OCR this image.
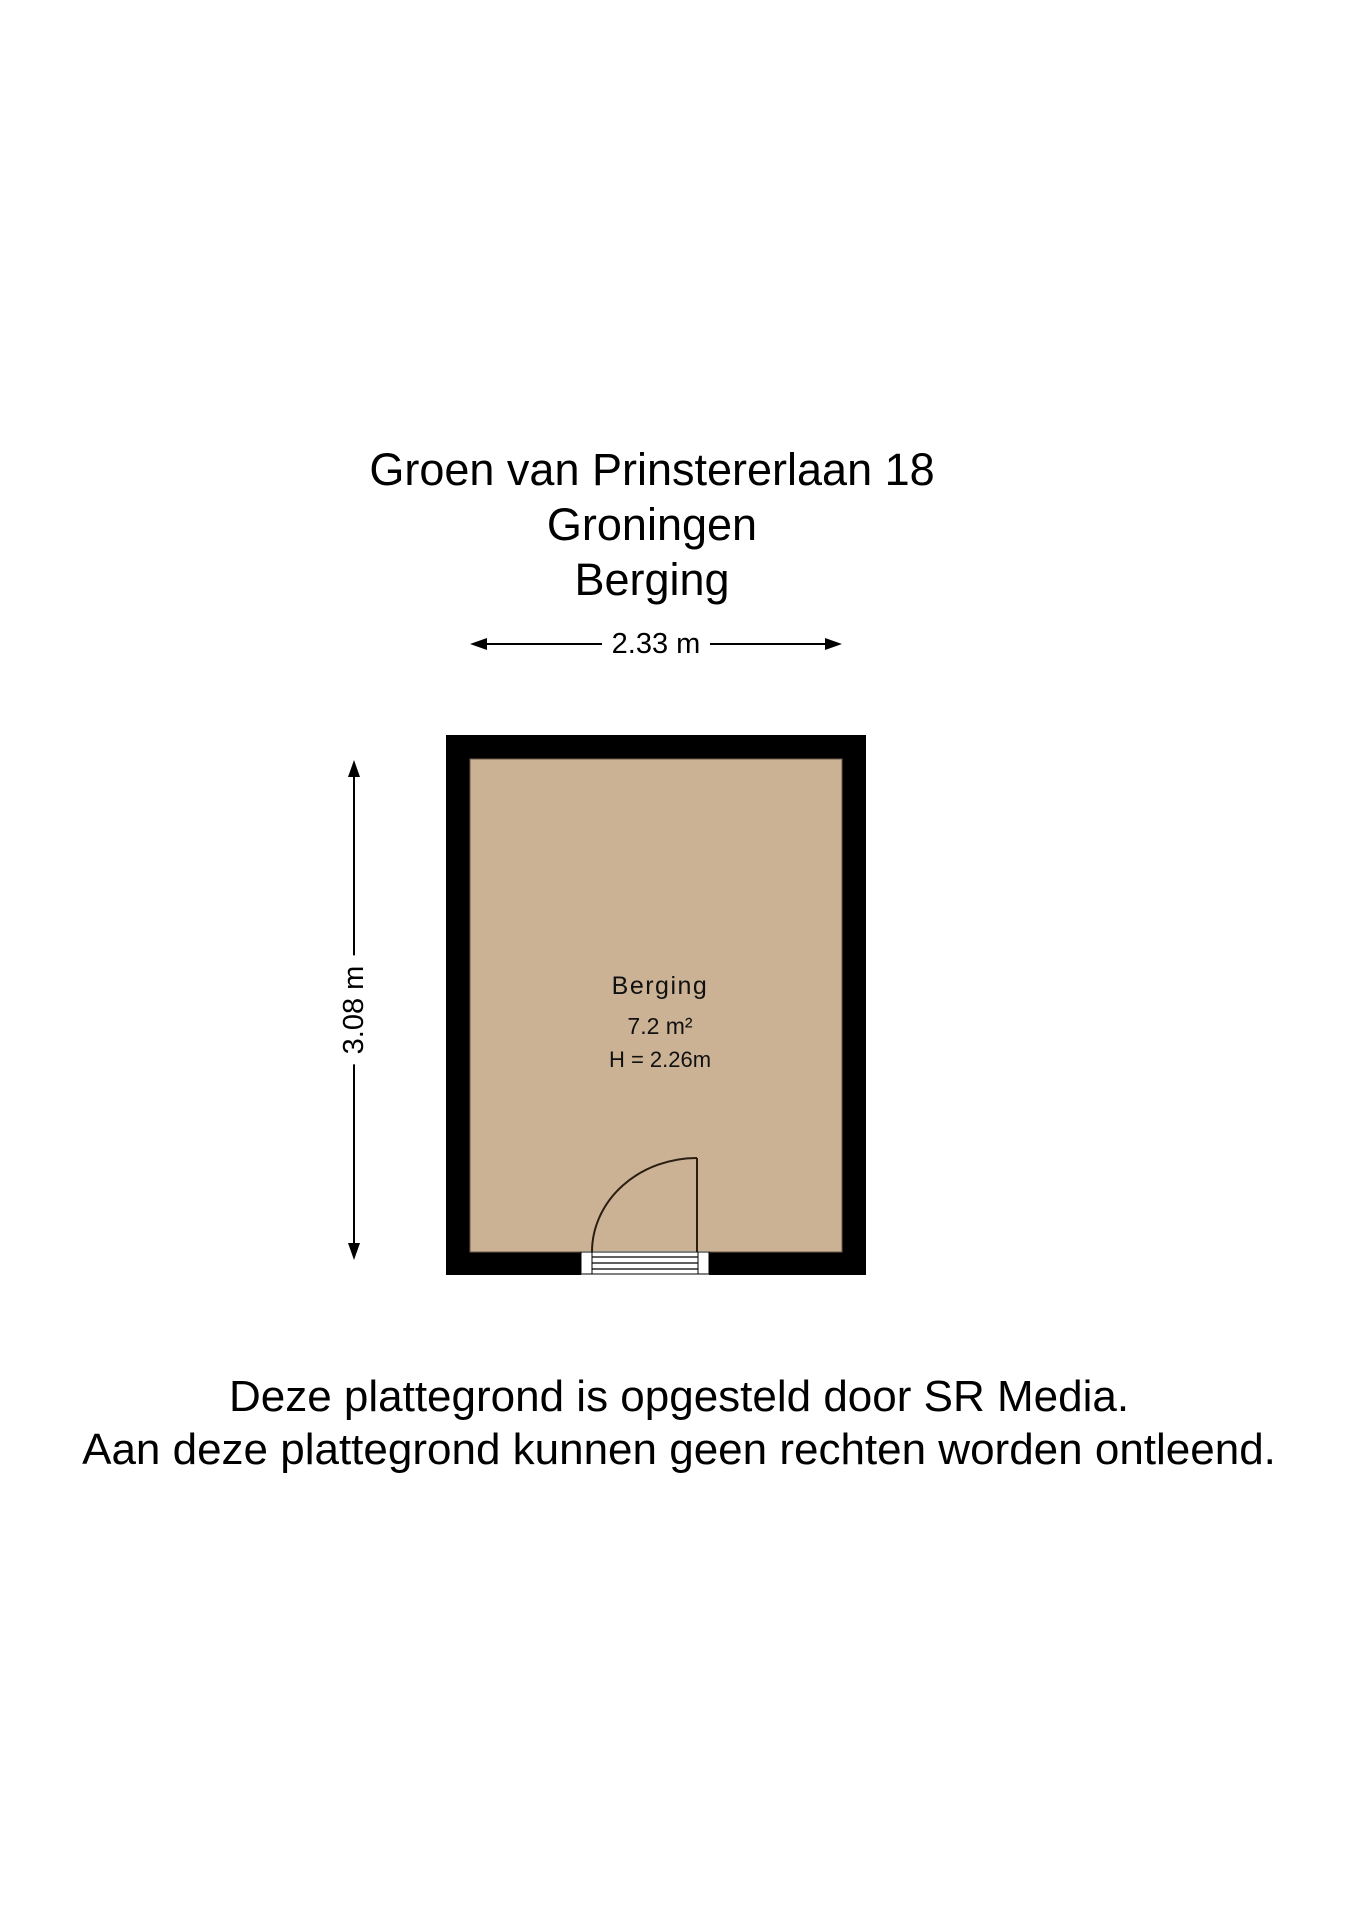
Groen van Prinstererlaan 18
Groningen
Berging
2.33 m
3.08 m	Berging
7.2 m²
H = 2.26m
Deze plattegrond is opgesteld door SR Media.
Aan deze plattegrond kunnen geen rechten worden ontleend.
